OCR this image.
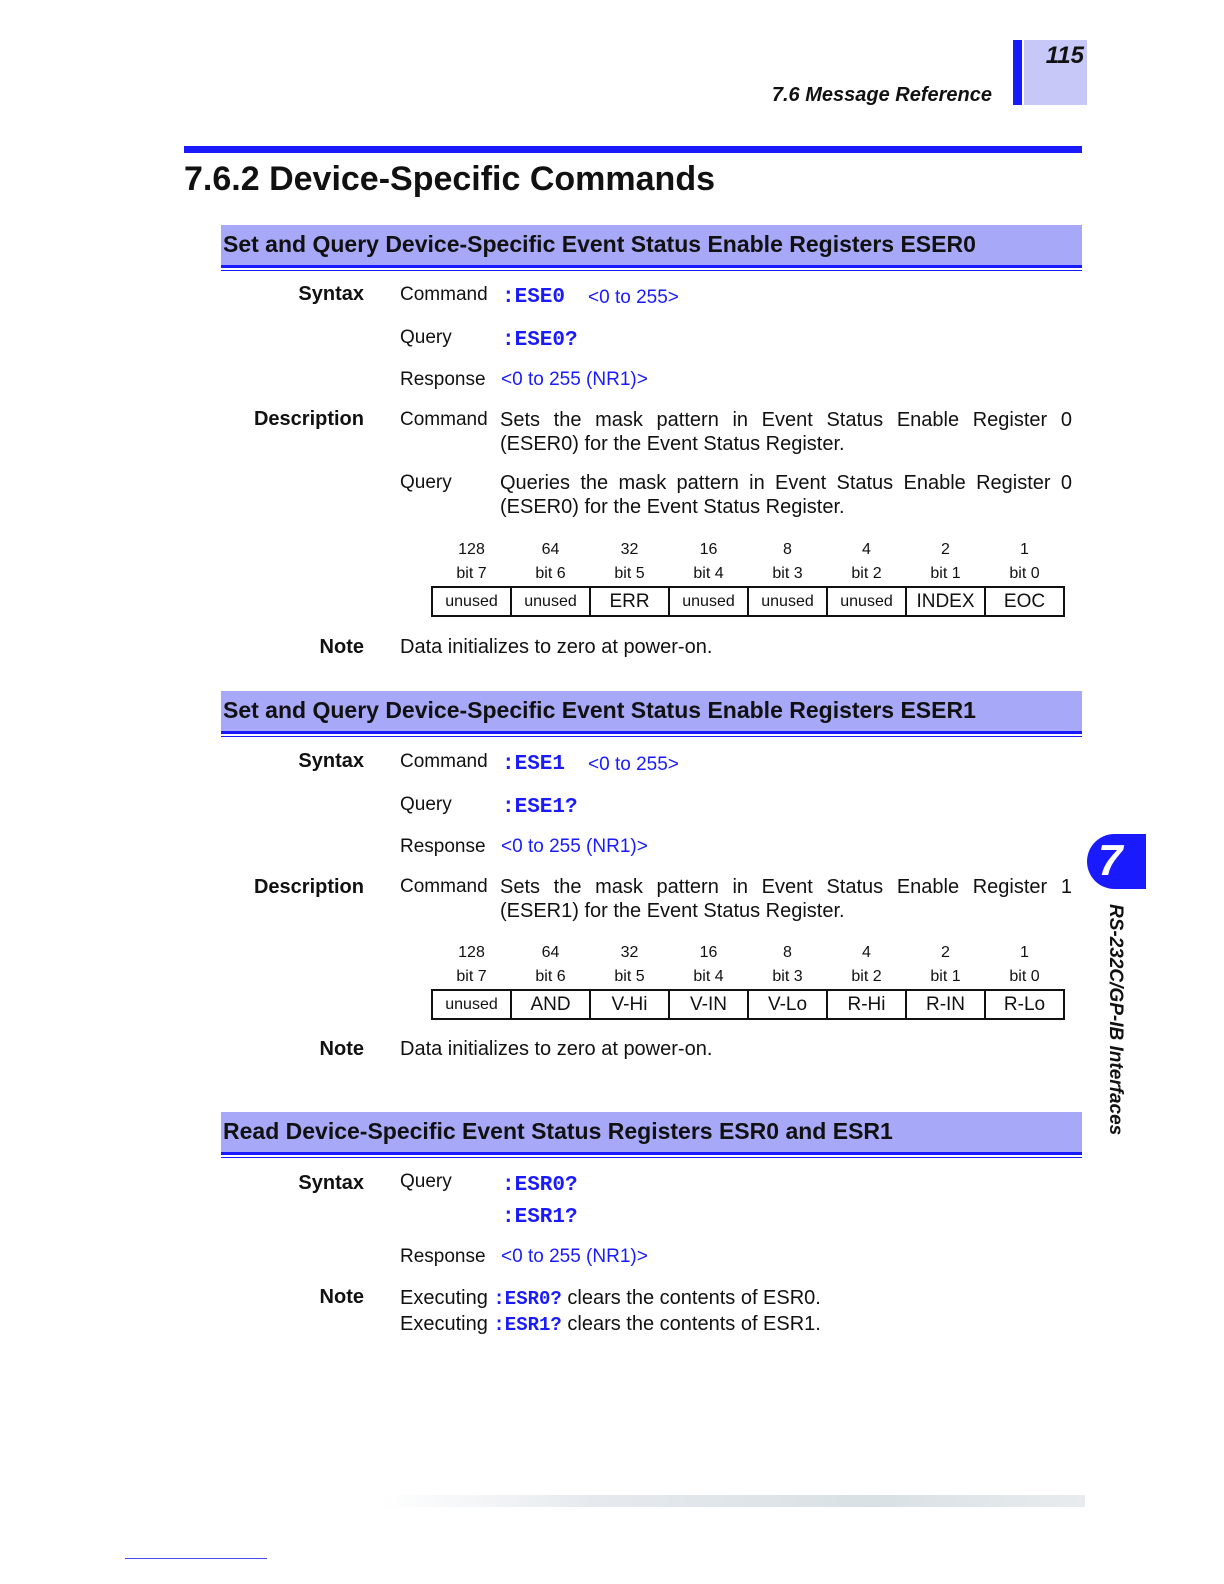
7.6 Message Reference
115
7.6.2 Device-Specific Commands
Set and Query Device-Specific Event Status Enable Registers ESER0
Syntax Command :ESE0 <0 to 255>
Query :ESE0?
Response <0 to 255 (NR1)>
Description Command Sets the mask pattern in Event Status Enable Register 0 (ESER0) for the Event Status Register.
Query Queries the mask pattern in Event Status Enable Register 0 (ESER0) for the Event Status Register.
128	64	32	16	8	4	2	1
bit 7	bit 6	bit 5	bit 4	bit 3	bit 2	bit 1	bit 0
unused	unused	ERR	unused	unused	unused	INDEX	EOC
Note Data initializes to zero at power-on.
Set and Query Device-Specific Event Status Enable Registers ESER1
Syntax Command :ESE1 <0 to 255>
Query :ESE1?
Response <0 to 255 (NR1)>
Description Command Sets the mask pattern in Event Status Enable Register 1 (ESER1) for the Event Status Register.
128	64	32	16	8	4	2	1
bit 7	bit 6	bit 5	bit 4	bit 3	bit 2	bit 1	bit 0
unused	AND	V-Hi	V-IN	V-Lo	R-Hi	R-IN	R-Lo
Note Data initializes to zero at power-on.
Read Device-Specific Event Status Registers ESR0 and ESR1
Syntax Query :ESR0?
:ESR1?
Response <0 to 255 (NR1)>
Note Executing :ESR0? clears the contents of ESR0.
Executing :ESR1? clears the contents of ESR1.
7
RS-232C/GP-IB Interfaces
